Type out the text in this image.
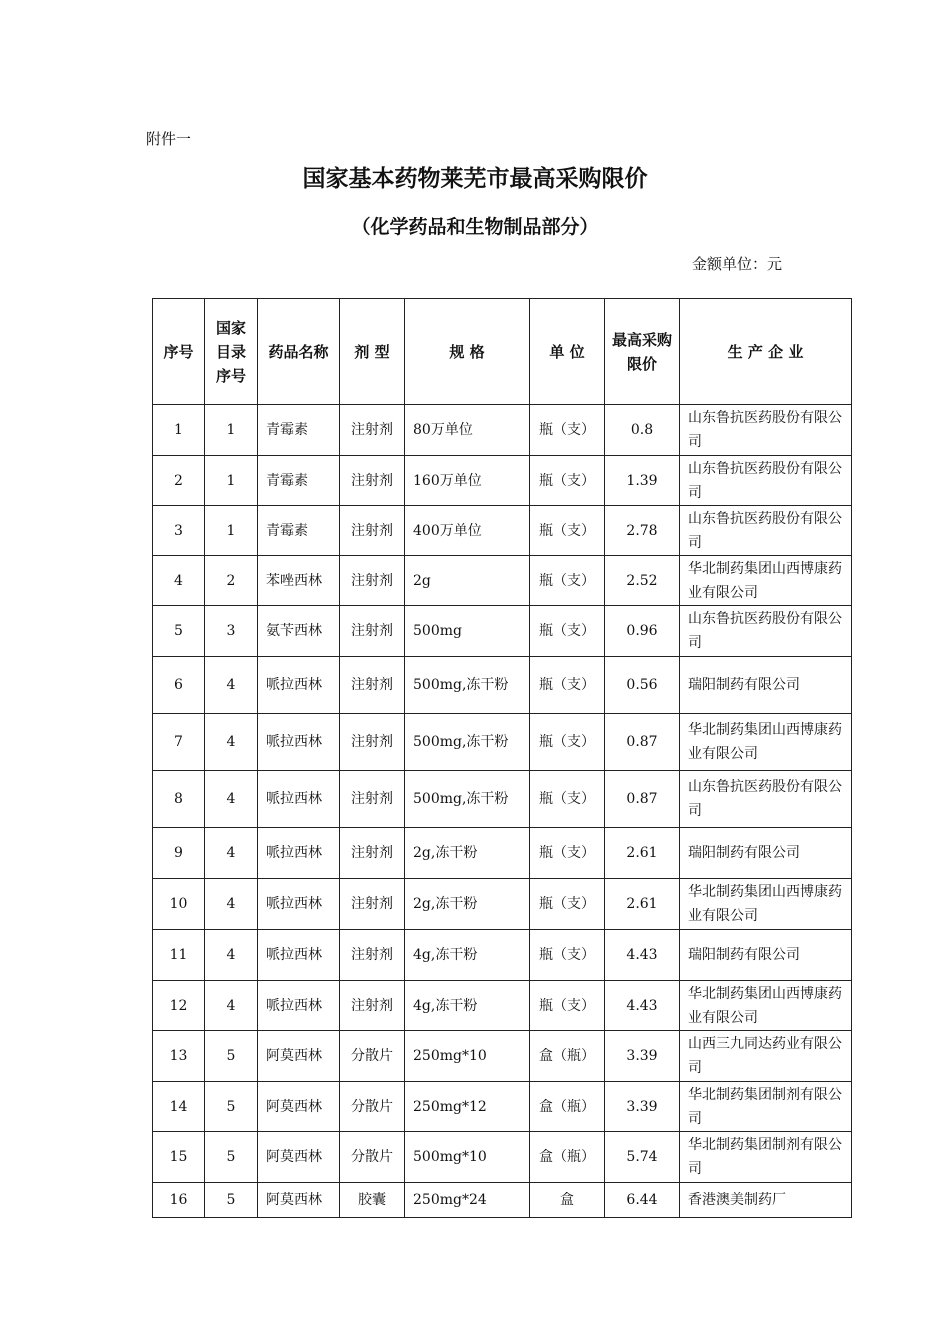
附件一
国家基本药物莱芜市最高采购限价
（化学药品和生物制品部分）
金额单位：元
序号	国家目录序号	药品名称	剂 型	规 格	单 位	最高采购限价	生 产 企 业
1	1	青霉素	注射剂	80万单位	瓶（支）	0.8	山东鲁抗医药股份有限公司
2	1	青霉素	注射剂	160万单位	瓶（支）	1.39	山东鲁抗医药股份有限公司
3	1	青霉素	注射剂	400万单位	瓶（支）	2.78	山东鲁抗医药股份有限公司
4	2	苯唑西林	注射剂	2g	瓶（支）	2.52	华北制药集团山西博康药业有限公司
5	3	氨苄西林	注射剂	500mg	瓶（支）	0.96	山东鲁抗医药股份有限公司
6	4	哌拉西林	注射剂	500mg,冻干粉	瓶（支）	0.56	瑞阳制药有限公司
7	4	哌拉西林	注射剂	500mg,冻干粉	瓶（支）	0.87	华北制药集团山西博康药业有限公司
8	4	哌拉西林	注射剂	500mg,冻干粉	瓶（支）	0.87	山东鲁抗医药股份有限公司
9	4	哌拉西林	注射剂	2g,冻干粉	瓶（支）	2.61	瑞阳制药有限公司
10	4	哌拉西林	注射剂	2g,冻干粉	瓶（支）	2.61	华北制药集团山西博康药业有限公司
11	4	哌拉西林	注射剂	4g,冻干粉	瓶（支）	4.43	瑞阳制药有限公司
12	4	哌拉西林	注射剂	4g,冻干粉	瓶（支）	4.43	华北制药集团山西博康药业有限公司
13	5	阿莫西林	分散片	250mg*10	盒（瓶）	3.39	山西三九同达药业有限公司
14	5	阿莫西林	分散片	250mg*12	盒（瓶）	3.39	华北制药集团制剂有限公司
15	5	阿莫西林	分散片	500mg*10	盒（瓶）	5.74	华北制药集团制剂有限公司
16	5	阿莫西林	胶囊	250mg*24	盒	6.44	香港澳美制药厂
